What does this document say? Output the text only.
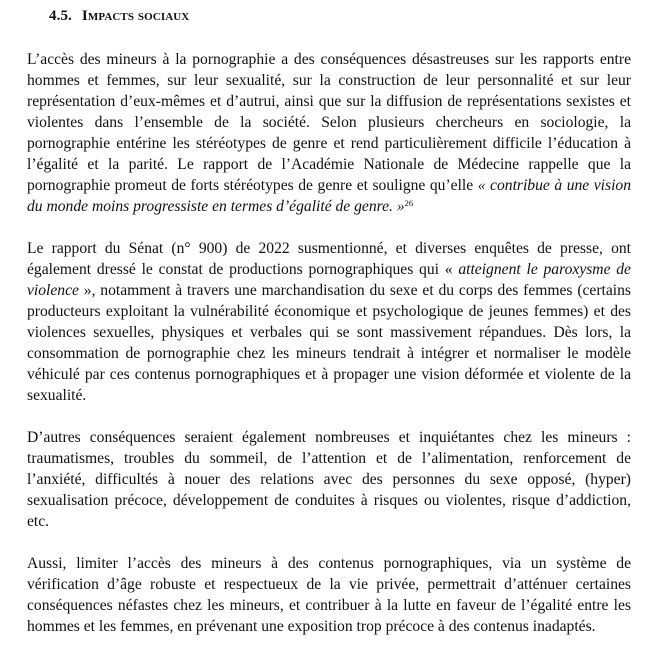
4.5. Impacts sociaux

L’accès des mineurs à la pornographie a des conséquences désastreuses sur les rapports entre hommes et femmes, sur leur sexualité, sur la construction de leur personnalité et sur leur représentation d’eux-mêmes et d’autrui, ainsi que sur la diffusion de représentations sexistes et violentes dans l’ensemble de la société. Selon plusieurs chercheurs en sociologie, la pornographie entérine les stéréotypes de genre et rend particulièrement difficile l’éducation à l’égalité et la parité. Le rapport de l’Académie Nationale de Médecine rappelle que la pornographie promeut de forts stéréotypes de genre et souligne qu’elle « contribue à une vision du monde moins progressiste en termes d’égalité de genre. »$^{26}$

Le rapport du Sénat (n° 900) de 2022 susmentionné, et diverses enquêtes de presse, ont également dressé le constat de productions pornographiques qui « atteignent le paroxysme de violence », notamment à travers une marchandisation du sexe et du corps des femmes (certains producteurs exploitant la vulnérabilité économique et psychologique de jeunes femmes) et des violences sexuelles, physiques et verbales qui se sont massivement répandues. Dès lors, la consommation de pornographie chez les mineurs tendrait à intégrer et normaliser le modèle véhiculé par ces contenus pornographiques et à propager une vision déformée et violente de la sexualité.

D’autres conséquences seraient également nombreuses et inquiétantes chez les mineurs : traumatismes, troubles du sommeil, de l’attention et de l’alimentation, renforcement de l’anxiété, difficultés à nouer des relations avec des personnes du sexe opposé, (hyper) sexualisation précoce, développement de conduites à risques ou violentes, risque d’addiction, etc.

Aussi, limiter l’accès des mineurs à des contenus pornographiques, via un système de vérification d’âge robuste et respectueux de la vie privée, permettrait d’atténuer certaines conséquences néfastes chez les mineurs, et contribuer à la lutte en faveur de l’égalité entre les hommes et les femmes, en prévenant une exposition trop précoce à des contenus inadaptés.
